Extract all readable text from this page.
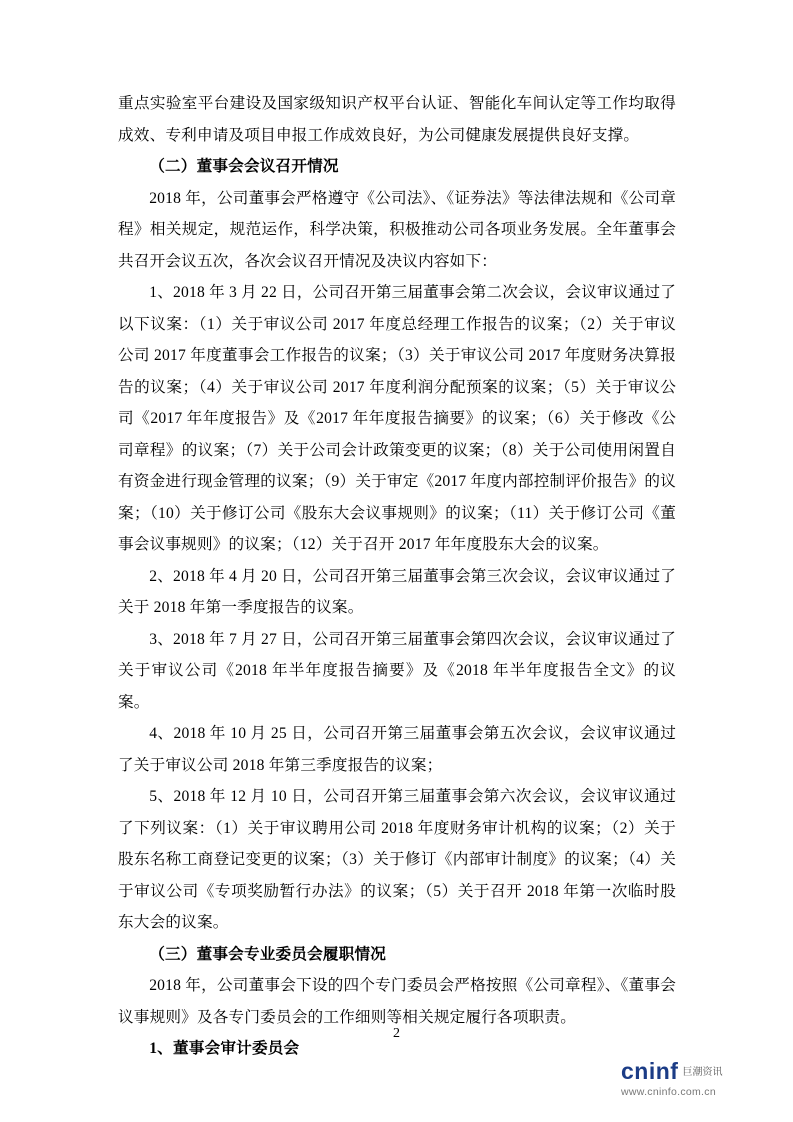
重点实验室平台建设及国家级知识产权平台认证、智能化车间认定等工作均取得成效、专利申请及项目申报工作成效良好，为公司健康发展提供良好支撑。

（二）董事会会议召开情况

2018 年，公司董事会严格遵守《公司法》、《证券法》等法律法规和《公司章程》相关规定，规范运作，科学决策，积极推动公司各项业务发展。全年董事会共召开会议五次，各次会议召开情况及决议内容如下：

1、2018 年 3 月 22 日，公司召开第三届董事会第二次会议，会议审议通过了以下议案：（1）关于审议公司 2017 年度总经理工作报告的议案；（2）关于审议公司 2017 年度董事会工作报告的议案；（3）关于审议公司 2017 年度财务决算报告的议案；（4）关于审议公司 2017 年度利润分配预案的议案；（5）关于审议公司《2017 年年度报告》及《2017 年年度报告摘要》的议案；（6）关于修改《公司章程》的议案；（7）关于公司会计政策变更的议案；（8）关于公司使用闲置自有资金进行现金管理的议案；（9）关于审定《2017 年度内部控制评价报告》的议案；（10）关于修订公司《股东大会议事规则》的议案；（11）关于修订公司《董事会议事规则》的议案；（12）关于召开 2017 年年度股东大会的议案。

2、2018 年 4 月 20 日，公司召开第三届董事会第三次会议，会议审议通过了关于 2018 年第一季度报告的议案。

3、2018 年 7 月 27 日，公司召开第三届董事会第四次会议，会议审议通过了关于审议公司《2018 年半年度报告摘要》及《2018 年半年度报告全文》的议案。

4、2018 年 10 月 25 日，公司召开第三届董事会第五次会议，会议审议通过了关于审议公司 2018 年第三季度报告的议案；

5、2018 年 12 月 10 日，公司召开第三届董事会第六次会议，会议审议通过了下列议案：（1）关于审议聘用公司 2018 年度财务审计机构的议案；（2）关于股东名称工商登记变更的议案；（3）关于修订《内部审计制度》的议案；（4）关于审议公司《专项奖励暂行办法》的议案；（5）关于召开 2018 年第一次临时股东大会的议案。

（三）董事会专业委员会履职情况

2018 年，公司董事会下设的四个专门委员会严格按照《公司章程》、《董事会议事规则》及各专门委员会的工作细则等相关规定履行各项职责。

1、董事会审计委员会

2
cninf 巨潮资讯
www.cninfo.com.cn
